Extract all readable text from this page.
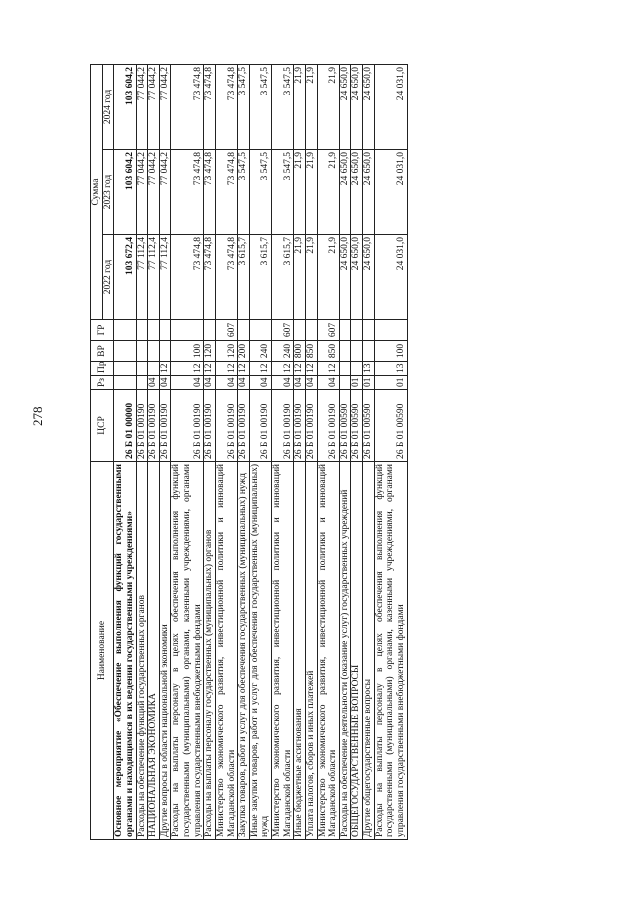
278
Наименование	ЦСР	Рз	Пр	ВР	ГР	Сумма		
						2022 год	2023 год	2024 год
Основное мероприятие «Обеспечение выполнения функций государственными органами и находящимися в их ведении государственными учреждениями»	26 Б 01 00000					103 672,4	103 604,2	103 604,2
Расходы на обеспечение функций государственных органов	26 Б 01 00190					77 112,4	77 044,2	77 044,2
НАЦИОНАЛЬНАЯ ЭКОНОМИКА	26 Б 01 00190	04				77 112,4	77 044,2	77 044,2
Другие вопросы в области национальной экономики	26 Б 01 00190	04	12			77 112,4	77 044,2	77 044,2
Расходы на выплаты персоналу в целях обеспечения выполнения функций государственными (муниципальными) органами, казенными учреждениями, органами управления государственными внебюджетными фондами	26 Б 01 00190	04	12	100		73 474,8	73 474,8	73 474,8
Расходы на выплаты персоналу государственных (муниципальных) органов	26 Б 01 00190	04	12	120		73 474,8	73 474,8	73 474,8
Министерство экономического развития, инвестиционной политики и инноваций Магаданской области	26 Б 01 00190	04	12	120	607	73 474,8	73 474,8	73 474,8
Закупка товаров, работ и услуг для обеспечения государственных (муниципальных) нужд	26 Б 01 00190	04	12	200		3 615,7	3 547,5	3 547,5
Иные закупки товаров, работ и услуг для обеспечения государственных (муниципальных) нужд	26 Б 01 00190	04	12	240		3 615,7	3 547,5	3 547,5
Министерство экономического развития, инвестиционной политики и инноваций Магаданской области	26 Б 01 00190	04	12	240	607	3 615,7	3 547,5	3 547,5
Иные бюджетные ассигнования	26 Б 01 00190	04	12	800		21,9	21,9	21,9
Уплата налогов, сборов и иных платежей	26 Б 01 00190	04	12	850		21,9	21,9	21,9
Министерство экономического развития, инвестиционной политики и инноваций Магаданской области	26 Б 01 00190	04	12	850	607	21,9	21,9	21,9
Расходы на обеспечение деятельности (оказание услуг) государственных учреждений	26 Б 01 00590					24 650,0	24 650,0	24 650,0
ОБЩЕГОСУДАРСТВЕННЫЕ ВОПРОСЫ	26 Б 01 00590	01				24 650,0	24 650,0	24 650,0
Другие общегосударственные вопросы	26 Б 01 00590	01	13			24 650,0	24 650,0	24 650,0
Расходы на выплаты персоналу в целях обеспечения выполнения функций государственными (муниципальными) органами, казенными учреждениями, органами управления государственными внебюджетными фондами	26 Б 01 00590	01	13	100		24 031,0	24 031,0	24 031,0
